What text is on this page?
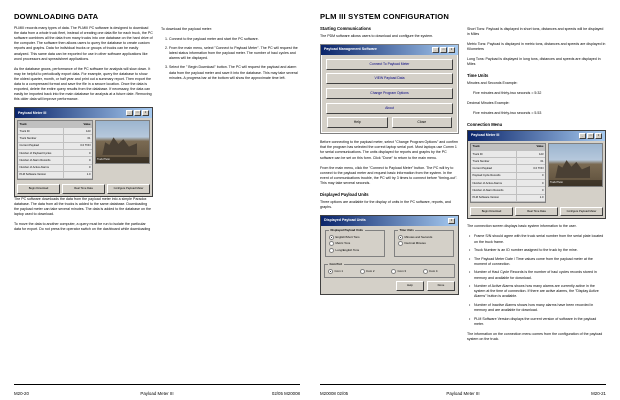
DOWNLOADING DATA

PLMIII records many types of data. The PLMIII PC software is designed to download the data from a whole truck fleet, instead of creating one data file for each truck, the PC software combines all the data from many trucks into one database on the hard drive of the computer. The software then allows users to query the database to create custom reports and graphs. Data for individual trucks or groups of trucks can be easily analyzed. This same data can be exported for use in other software applications like word processors and spreadsheet applications.

As the database grows, performance of the PC software for analysis will slow down. It may be helpful to periodically export data. For example, query the database to show the oldest quarter, month, or half year and print out a summary report. Then export the data to a compressed format and save the file in a secure location. Once the data is exported, delete the entire query results from the database. If necessary, the data can easily be imported back into the main database for analysis at a future date. Removing this older data will improve performance.

Payload Meter III	_	□	×
Truck	Value
Truck ID	123
Truck Number	01
Current Payload	0.0 TON
Number of Payload Cycles	0
Number of Alarm Records	0
Number of Active Alarms	0
PLM Software Version	1.0
Truck Photo
Begin Download	Real Time Data	Configure Payload Meter

The PC software downloads the data from the payload meter into a simple Paradox database. The data from all the trucks is added to the same database. Downloading the payload meter can take several minutes. The data is added to the database on the laptop used to download.

To move the data to another computer, a query must be run to isolate the particular data for export. Do not press the operator switch on the dashboard while downloading

To download the payload meter:

1. Connect to the payload meter and start the PC software.
2. From the main menu, select "Connect to Payload Meter". The PC will request the latest status information from the payload meter. The number of haul cycles and alarms will be displayed.
3. Select the " Begin Download" button. The PC will request the payload and alarm data from the payload meter and save it into the database. This may take several minutes. A progress bar at the bottom will show the approximate time left.
M20-20	Payload Meter III	02/05 M20008
PLM III SYSTEM CONFIGURATION
Starting Communications

The PDM software allows users to download and configure the system.

Payload Management Software	_	□	×
Connect To Payload Meter
VIEW Payload Data
Change Program Options
About
Help	Close

Before connecting to the payload meter, select "Change Program Options" and confirm that the program has selected the correct laptop serial port. Most laptops use Comm 1 for serial communications. The units displayed for reports and graphs by the PC software can be set on this form. Click "Done" to return to the main menu.

From the main menu, click the "Connect to Payload Meter" button. The PC will try to connect to the payload meter and request basic information from the system. In the event of communications trouble, the PC will try 3 times to connect before "timing-out". This may take several seconds.

Displayed Payload Units

Three options are available for the display of units in the PC software, reports, and graphs.

Displayed Payload Units	×
Displayed Payload Units
English/Short Tons
Metric Tons
Long/English Tons
Time Units
Minutes and Seconds
Decimal Minutes
Com Port
Com 1	Com 2	Com 3	Com 4
Help	Done

Short Tons: Payload is displayed in short tons, distances and speeds will be displayed in Miles

Metric Tons: Payload is displayed in metric tons, distances and speeds are displayed in Kilometers

Long Tons: Payload is displayed in long tons, distances and speeds are displayed in Miles

Time Units

Minutes and Seconds Example:

Five minutes and thirty-two seconds = 5:32

Decimal Minutes Example:

Five minutes and thirty-two seconds = 5.53

Connection Menu
Payload Meter III	_	□	×
Truck	Value
Truck ID	123
Truck Number	01
Current Payload	0.0 TON
Payload Cycle Records	0
Number of Active Alarms	0
Number of Alarm Records	0
PLM Software Version	1.0
Truck Photo
Begin Download	Real Time Data	Configure Payload Meter

The connection screen displays basic system information to the user.

• Frame S/N should agree with the truck serial number from the serial plate located on the truck frame.
• Truck Number is an ID number assigned to the truck by the mine.
• The Payload Meter Date / Time values come from the payload meter at the moment of connection.
• Number of Haul Cycle Records is the number of haul cycles records stored in memory and available for download.
• Number of Active Alarms shows how many alarms are currently active in the system at the time of connection. If there are active alarms, the "Display Active Alarms" button is available.
• Number of Inactive Alarms shows how many alarms have been recorded in memory and are available for download.
• PLM Software Version displays the current version of software in the payload meter.

The information on the connection menu comes from the configuration of the payload system on the truck.

M20008 02/05	Payload Meter III	M20-21
